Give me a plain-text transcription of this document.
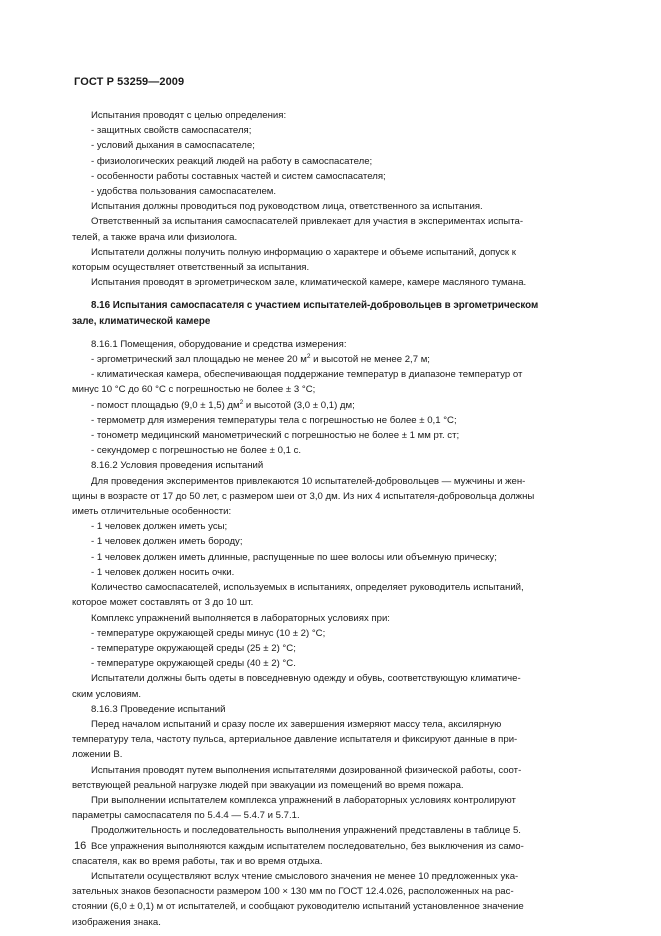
ГОСТ Р 53259—2009

Испытания проводят с целью определения:

- защитных свойств самоспасателя;

- условий дыхания в самоспасателе;

- физиологических реакций людей на работу в самоспасателе;

- особенности работы составных частей и систем самоспасателя;

- удобства пользования самоспасателем.

Испытания должны проводиться под руководством лица, ответственного за испытания.

Ответственный за испытания самоспасателей привлекает для участия в экспериментах испыта-

телей, а также врача или физиолога.

Испытатели должны получить полную информацию о характере и объеме испытаний, допуск к

которым осуществляет ответственный за испытания.

Испытания проводят в эргометрическом зале, климатической камере, камере масляного тумана.

8.16 Испытания самоспасателя с участием испытателей-добровольцев в эргометрическом

зале, климатической камере

8.16.1 Помещения, оборудование и средства измерения:

- эргометрический зал площадью не менее 20 $м^2$ и высотой не менее 2,7 м;

- климатическая камера, обеспечивающая поддержание температур в диапазоне температур от

минус 10 °С до 60 °С с погрешностью не более ± 3 °С;

- помост площадью (9,0 ± 1,5) $дм^2$ и высотой (3,0 ± 0,1) дм;

- термометр для измерения температуры тела с погрешностью не более ± 0,1 °С;

- тонометр медицинский манометрический с погрешностью не более ± 1 мм рт. ст;

- секундомер с погрешностью не более ± 0,1 с.

8.16.2 Условия проведения испытаний

Для проведения экспериментов привлекаются 10 испытателей-добровольцев — мужчины и жен-

щины в возрасте от 17 до 50 лет, с размером шеи от 3,0 дм. Из них 4 испытателя-добровольца должны

иметь отличительные особенности:

- 1 человек должен иметь усы;

- 1 человек должен иметь бороду;

- 1 человек должен иметь длинные, распущенные по шее волосы или объемную прическу;

- 1 человек должен носить очки.

Количество самоспасателей, используемых в испытаниях, определяет руководитель испытаний,

которое может составлять от 3 до 10 шт.

Комплекс упражнений выполняется в лабораторных условиях при:

- температуре окружающей среды минус (10 ± 2) °С;

- температуре окружающей среды (25 ± 2) °С;

- температуре окружающей среды (40 ± 2) °С.

Испытатели должны быть одеты в повседневную одежду и обувь, соответствующую климатиче-

ским условиям.

8.16.3 Проведение испытаний

Перед началом испытаний и сразу после их завершения измеряют массу тела, аксилярную

температуру тела, частоту пульса, артериальное давление испытателя и фиксируют данные в при-

ложении В.

Испытания проводят путем выполнения испытателями дозированной физической работы, соот-

ветствующей реальной нагрузке людей при эвакуации из помещений во время пожара.

При выполнении испытателем комплекса упражнений в лабораторных условиях контролируют

параметры самоспасателя по 5.4.4 — 5.4.7 и 5.7.1.

Продолжительность и последовательность выполнения упражнений представлены в таблице 5.

Все упражнения выполняются каждым испытателем последовательно, без выключения из само-

спасателя, как во время работы, так и во время отдыха.

Испытатели осуществляют вслух чтение смыслового значения не менее 10 предложенных ука-

зательных знаков безопасности размером 100 × 130 мм по ГОСТ 12.4.026, расположенных на рас-

стоянии (6,0 ± 0,1) м от испытателей, и сообщают руководителю испытаний установленное значение

изображения знака.

16
